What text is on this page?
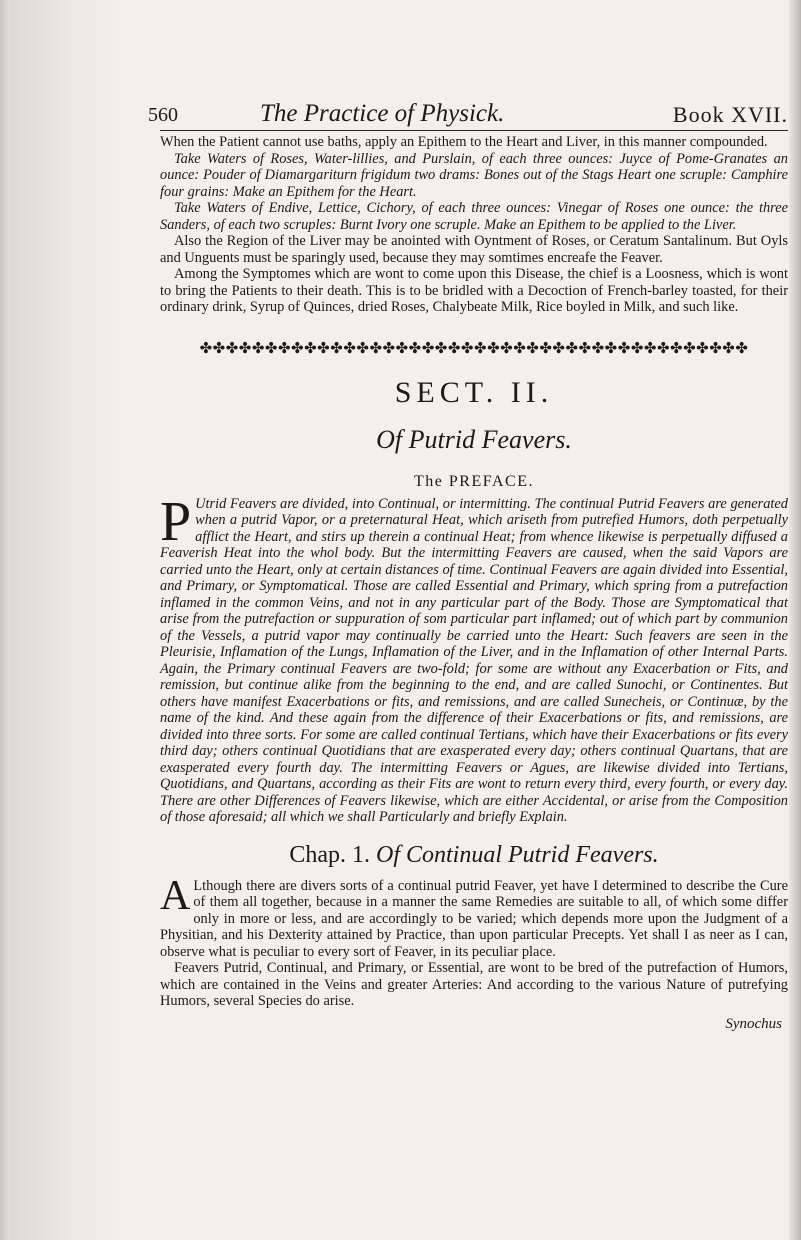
560	The Practice of Physick.	Book XVII.

When the Patient cannot use baths, apply an Epithem to the Heart and Liver, in this manner compounded.

Take Waters of Roses, Water-lillies, and Purslain, of each three ounces: Juyce of Pome-Granates an ounce: Pouder of Diamargariturn frigidum two drams: Bones out of the Stags Heart one scruple: Camphire four grains: Make an Epithem for the Heart.

Take Waters of Endive, Lettice, Cichory, of each three ounces: Vinegar of Roses one ounce: the three Sanders, of each two scruples: Burnt Ivory one scruple. Make an Epithem to be applied to the Liver.

Also the Region of the Liver may be anointed with Oyntment of Roses, or Ceratum Santalinum. But Oyls and Unguents must be sparingly used, because they may somtimes encreafe the Feaver.

Among the Symptomes which are wont to come upon this Disease, the chief is a Loosness, which is wont to bring the Patients to their death. This is to be bridled with a Decoction of French-barley toasted, for their ordinary drink, Syrup of Quinces, dried Roses, Chalybeate Milk, Rice boyled in Milk, and such like.

✤✤✤✤✤✤✤✤✤✤✤✤✤✤✤✤✤✤✤✤✤✤✤✤✤✤✤✤✤✤✤✤✤✤✤✤✤✤✤✤✤✤
SECT. II.
Of Putrid Feavers.
The PREFACE.

P Utrid Feavers are divided, into Continual, or intermitting. The continual Putrid Feavers are generated when a putrid Vapor, or a preternatural Heat, which ariseth from putrefied Humors, doth perpetually afflict the Heart, and stirs up therein a continual Heat; from whence likewise is perpetually diffused a Feaverish Heat into the whol body. But the intermitting Feavers are caused, when the said Vapors are carried unto the Heart, only at certain distances of time. Continual Feavers are again divided into Essential, and Primary, or Symptomatical. Those are called Essential and Primary, which spring from a putrefaction inflamed in the common Veins, and not in any particular part of the Body. Those are Symptomatical that arise from the putrefaction or suppuration of som particular part inflamed; out of which part by communion of the Vessels, a putrid vapor may continually be carried unto the Heart: Such feavers are seen in the Pleurisie, Inflamation of the Lungs, Inflamation of the Liver, and in the Inflamation of other Internal Parts. Again, the Primary continual Feavers are two-fold; for some are without any Exacerbation or Fits, and remission, but continue alike from the beginning to the end, and are called Sunochi, or Continentes. But others have manifest Exacerbations or fits, and remissions, and are called Sunecheis, or Continuæ, by the name of the kind. And these again from the difference of their Exacerbations or fits, and remissions, are divided into three sorts. For some are called continual Tertians, which have their Exacerbations or fits every third day; others continual Quotidians that are exasperated every day; others continual Quartans, that are exasperated every fourth day. The intermitting Feavers or Agues, are likewise divided into Tertians, Quotidians, and Quartans, according as their Fits are wont to return every third, every fourth, or every day. There are other Differences of Feavers likewise, which are either Accidental, or arise from the Composition of those aforesaid; all which we shall Particularly and briefly Explain.

Chap. 1. Of Continual Putrid Feavers.

A Lthough there are divers sorts of a continual putrid Feaver, yet have I determined to describe the Cure of them all together, because in a manner the same Remedies are suitable to all, of which some differ only in more or less, and are accordingly to be varied; which depends more upon the Judgment of a Physitian, and his Dexterity attained by Practice, than upon particular Precepts. Yet shall I as neer as I can, observe what is peculiar to every sort of Feaver, in its peculiar place.

Feavers Putrid, Continual, and Primary, or Essential, are wont to be bred of the putrefaction of Humors, which are contained in the Veins and greater Arteries: And according to the various Nature of putrefying Humors, several Species do arise.

Synochus
